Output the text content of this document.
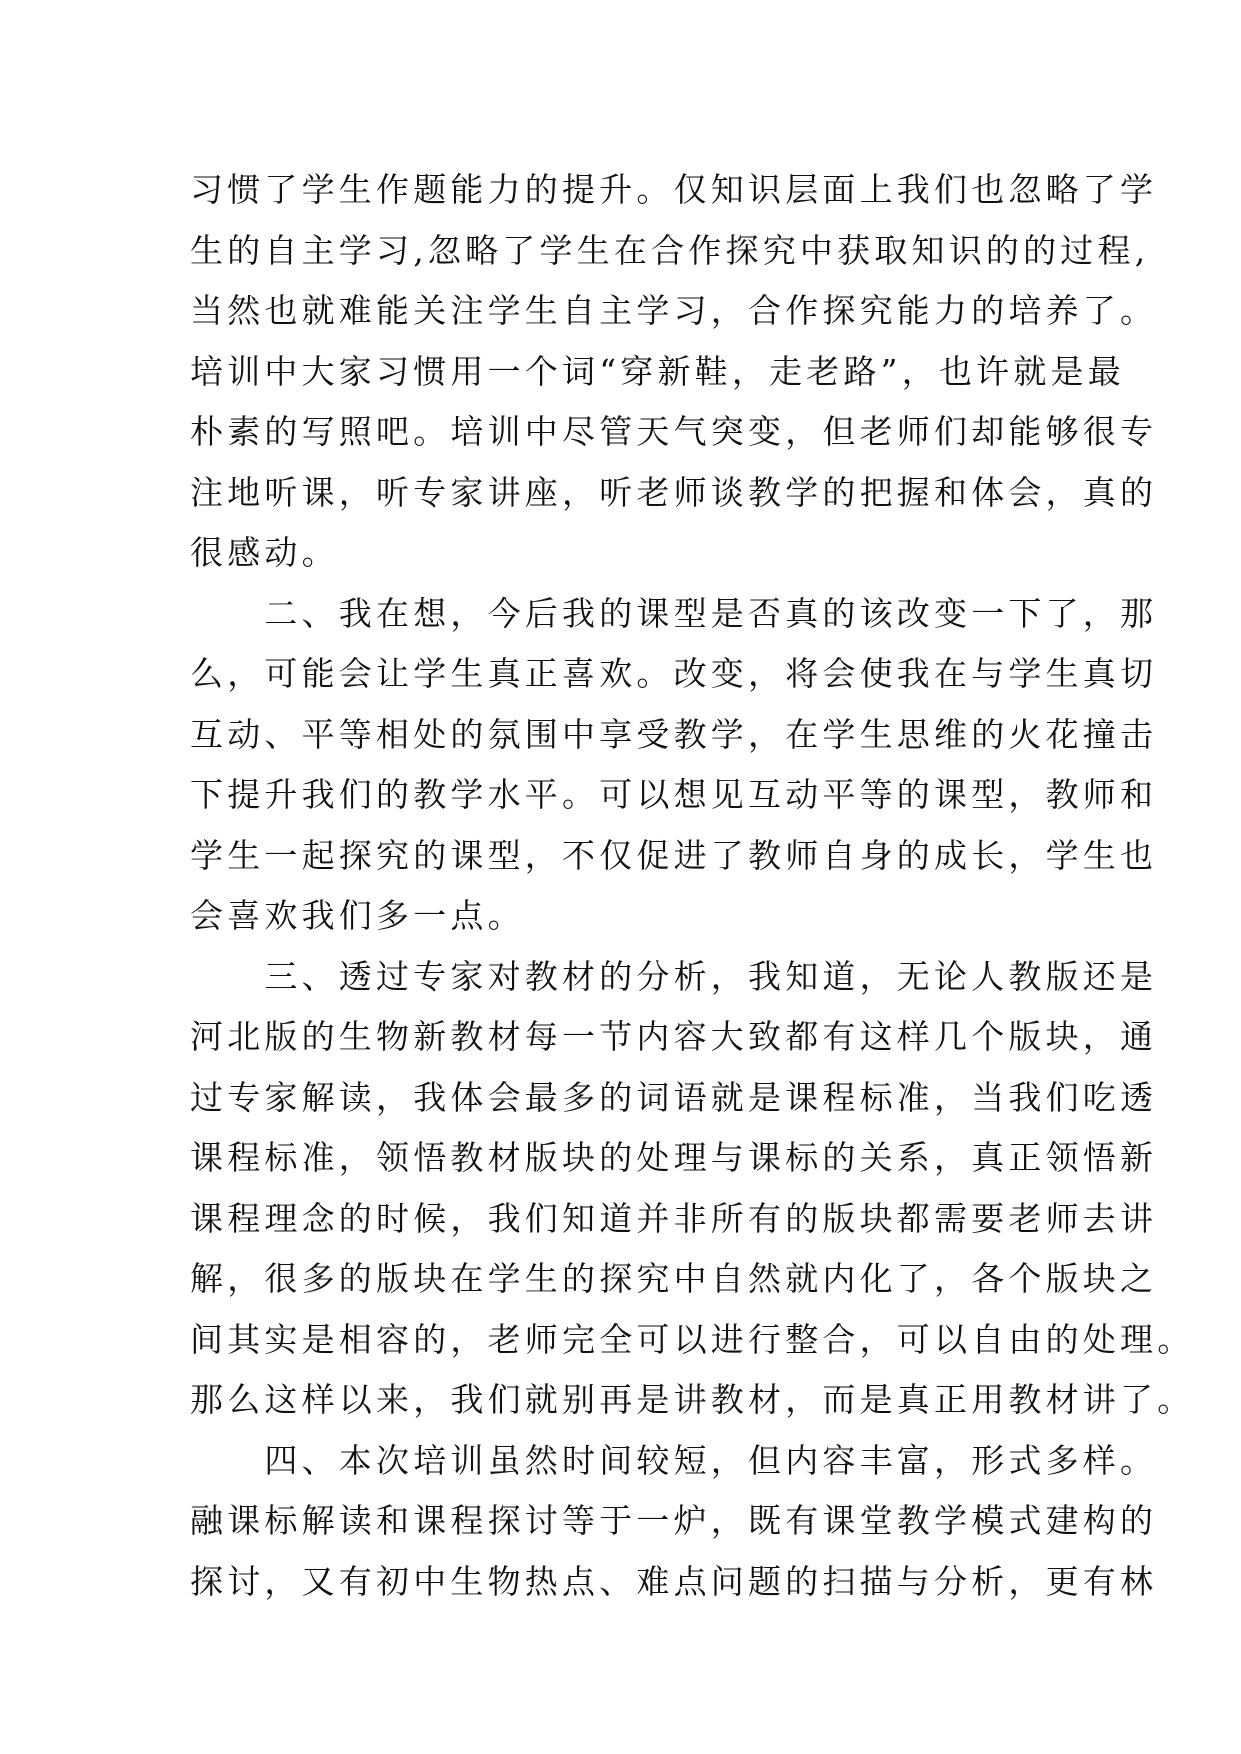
习惯了学生作题能力的提升。仅知识层面上我们也忽略了学
生的自主学习,忽略了学生在合作探究中获取知识的的过程,
当然也就难能关注学生自主学习，合作探究能力的培养了。
培训中大家习惯用一个词“穿新鞋，走老路”，也许就是最
朴素的写照吧。培训中尽管天气突变，但老师们却能够很专
注地听课，听专家讲座，听老师谈教学的把握和体会，真的
很感动。
　　二、我在想，今后我的课型是否真的该改变一下了，那
么，可能会让学生真正喜欢。改变，将会使我在与学生真切
互动、平等相处的氛围中享受教学，在学生思维的火花撞击
下提升我们的教学水平。可以想见互动平等的课型，教师和
学生一起探究的课型，不仅促进了教师自身的成长，学生也
会喜欢我们多一点。
　　三、透过专家对教材的分析，我知道，无论人教版还是
河北版的生物新教材每一节内容大致都有这样几个版块，通
过专家解读，我体会最多的词语就是课程标准，当我们吃透
课程标准，领悟教材版块的处理与课标的关系，真正领悟新
课程理念的时候，我们知道并非所有的版块都需要老师去讲
解，很多的版块在学生的探究中自然就内化了，各个版块之
间其实是相容的，老师完全可以进行整合，可以自由的处理。
那么这样以来，我们就别再是讲教材，而是真正用教材讲了。
　　四、本次培训虽然时间较短，但内容丰富，形式多样。
融课标解读和课程探讨等于一炉，既有课堂教学模式建构的
探讨，又有初中生物热点、难点问题的扫描与分析，更有林
